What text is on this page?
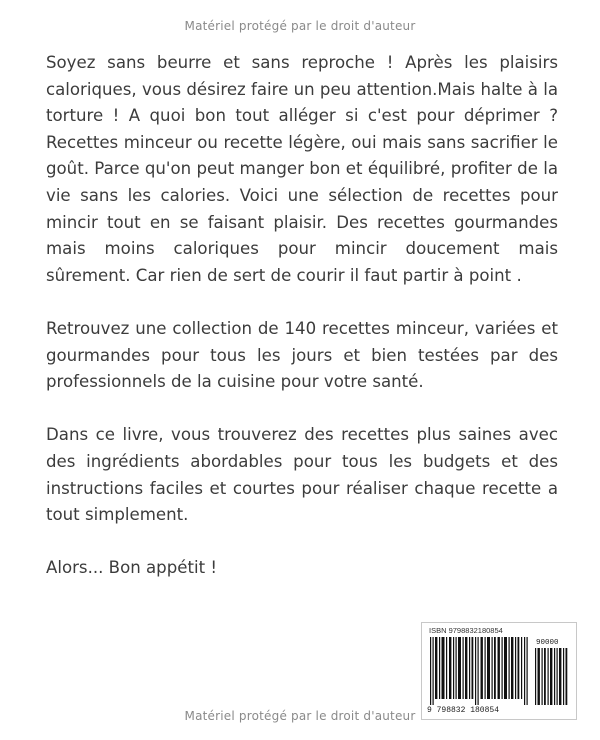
Matériel protégé par le droit d'auteur

Soyez sans beurre et sans reproche ! Après les plaisirs caloriques, vous désirez faire un peu attention.Mais halte à la torture ! A quoi bon tout alléger si c'est pour déprimer ? Recettes minceur ou recette légère, oui mais sans sacrifier le goût. Parce qu'on peut manger bon et équilibré, profiter de la vie sans les calories. Voici une sélection de recettes pour mincir tout en se faisant plaisir. Des recettes gourmandes mais moins caloriques pour mincir doucement mais sûrement. Car rien de sert de courir il faut partir à point .

Retrouvez une collection de 140 recettes minceur, variées et gourmandes pour tous les jours et bien testées par des professionnels de la cuisine pour votre santé.

Dans ce livre, vous trouverez des recettes plus saines avec des ingrédients abordables pour tous les budgets et des instructions faciles et courtes pour réaliser chaque recette a tout simplement.

Alors... Bon appétit !

ISBN 9798832180854
90000
9 798832 180854
Matériel protégé par le droit d'auteur
